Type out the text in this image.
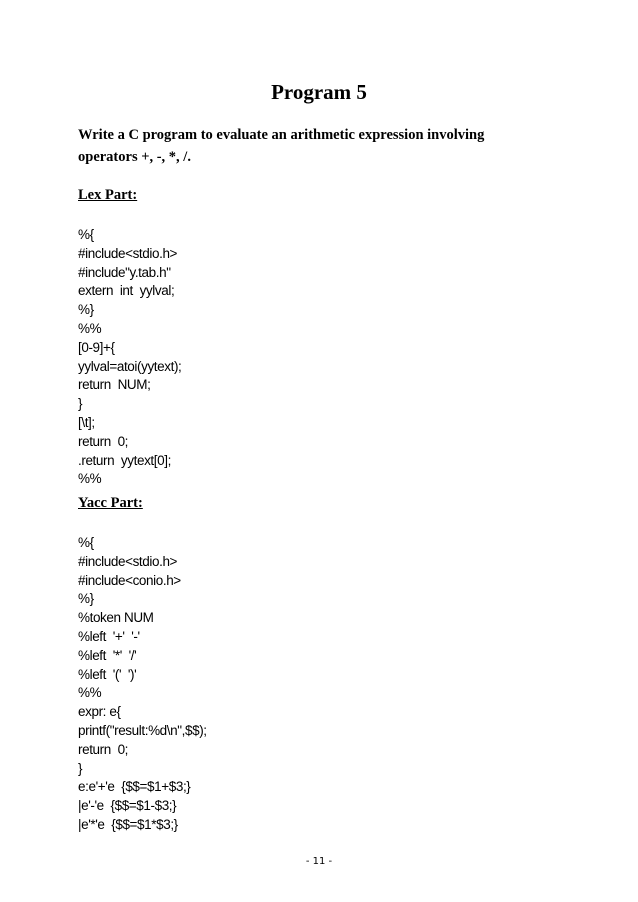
Program 5
Write a C program to evaluate an arithmetic expression involving
operators +, -, *, /.
Lex Part:
%{
#include<stdio.h>
#include"y.tab.h"
extern  int  yylval;
%}
%%
[0-9]+{
yylval=atoi(yytext);
return  NUM;
}
[\t];
return  0;
.return  yytext[0];
%%
Yacc Part:
%{
#include<stdio.h>
#include<conio.h>
%}
%token NUM
%left  '+'  '-'
%left  '*'  '/'
%left  '('  ')'
%%
expr: e{
printf("result:%d\n",$$);
return  0;
}
e:e'+'e  {$$=$1+$3;}
|e'-'e  {$$=$1-$3;}
|e'*'e  {$$=$1*$3;}
- 11 -
